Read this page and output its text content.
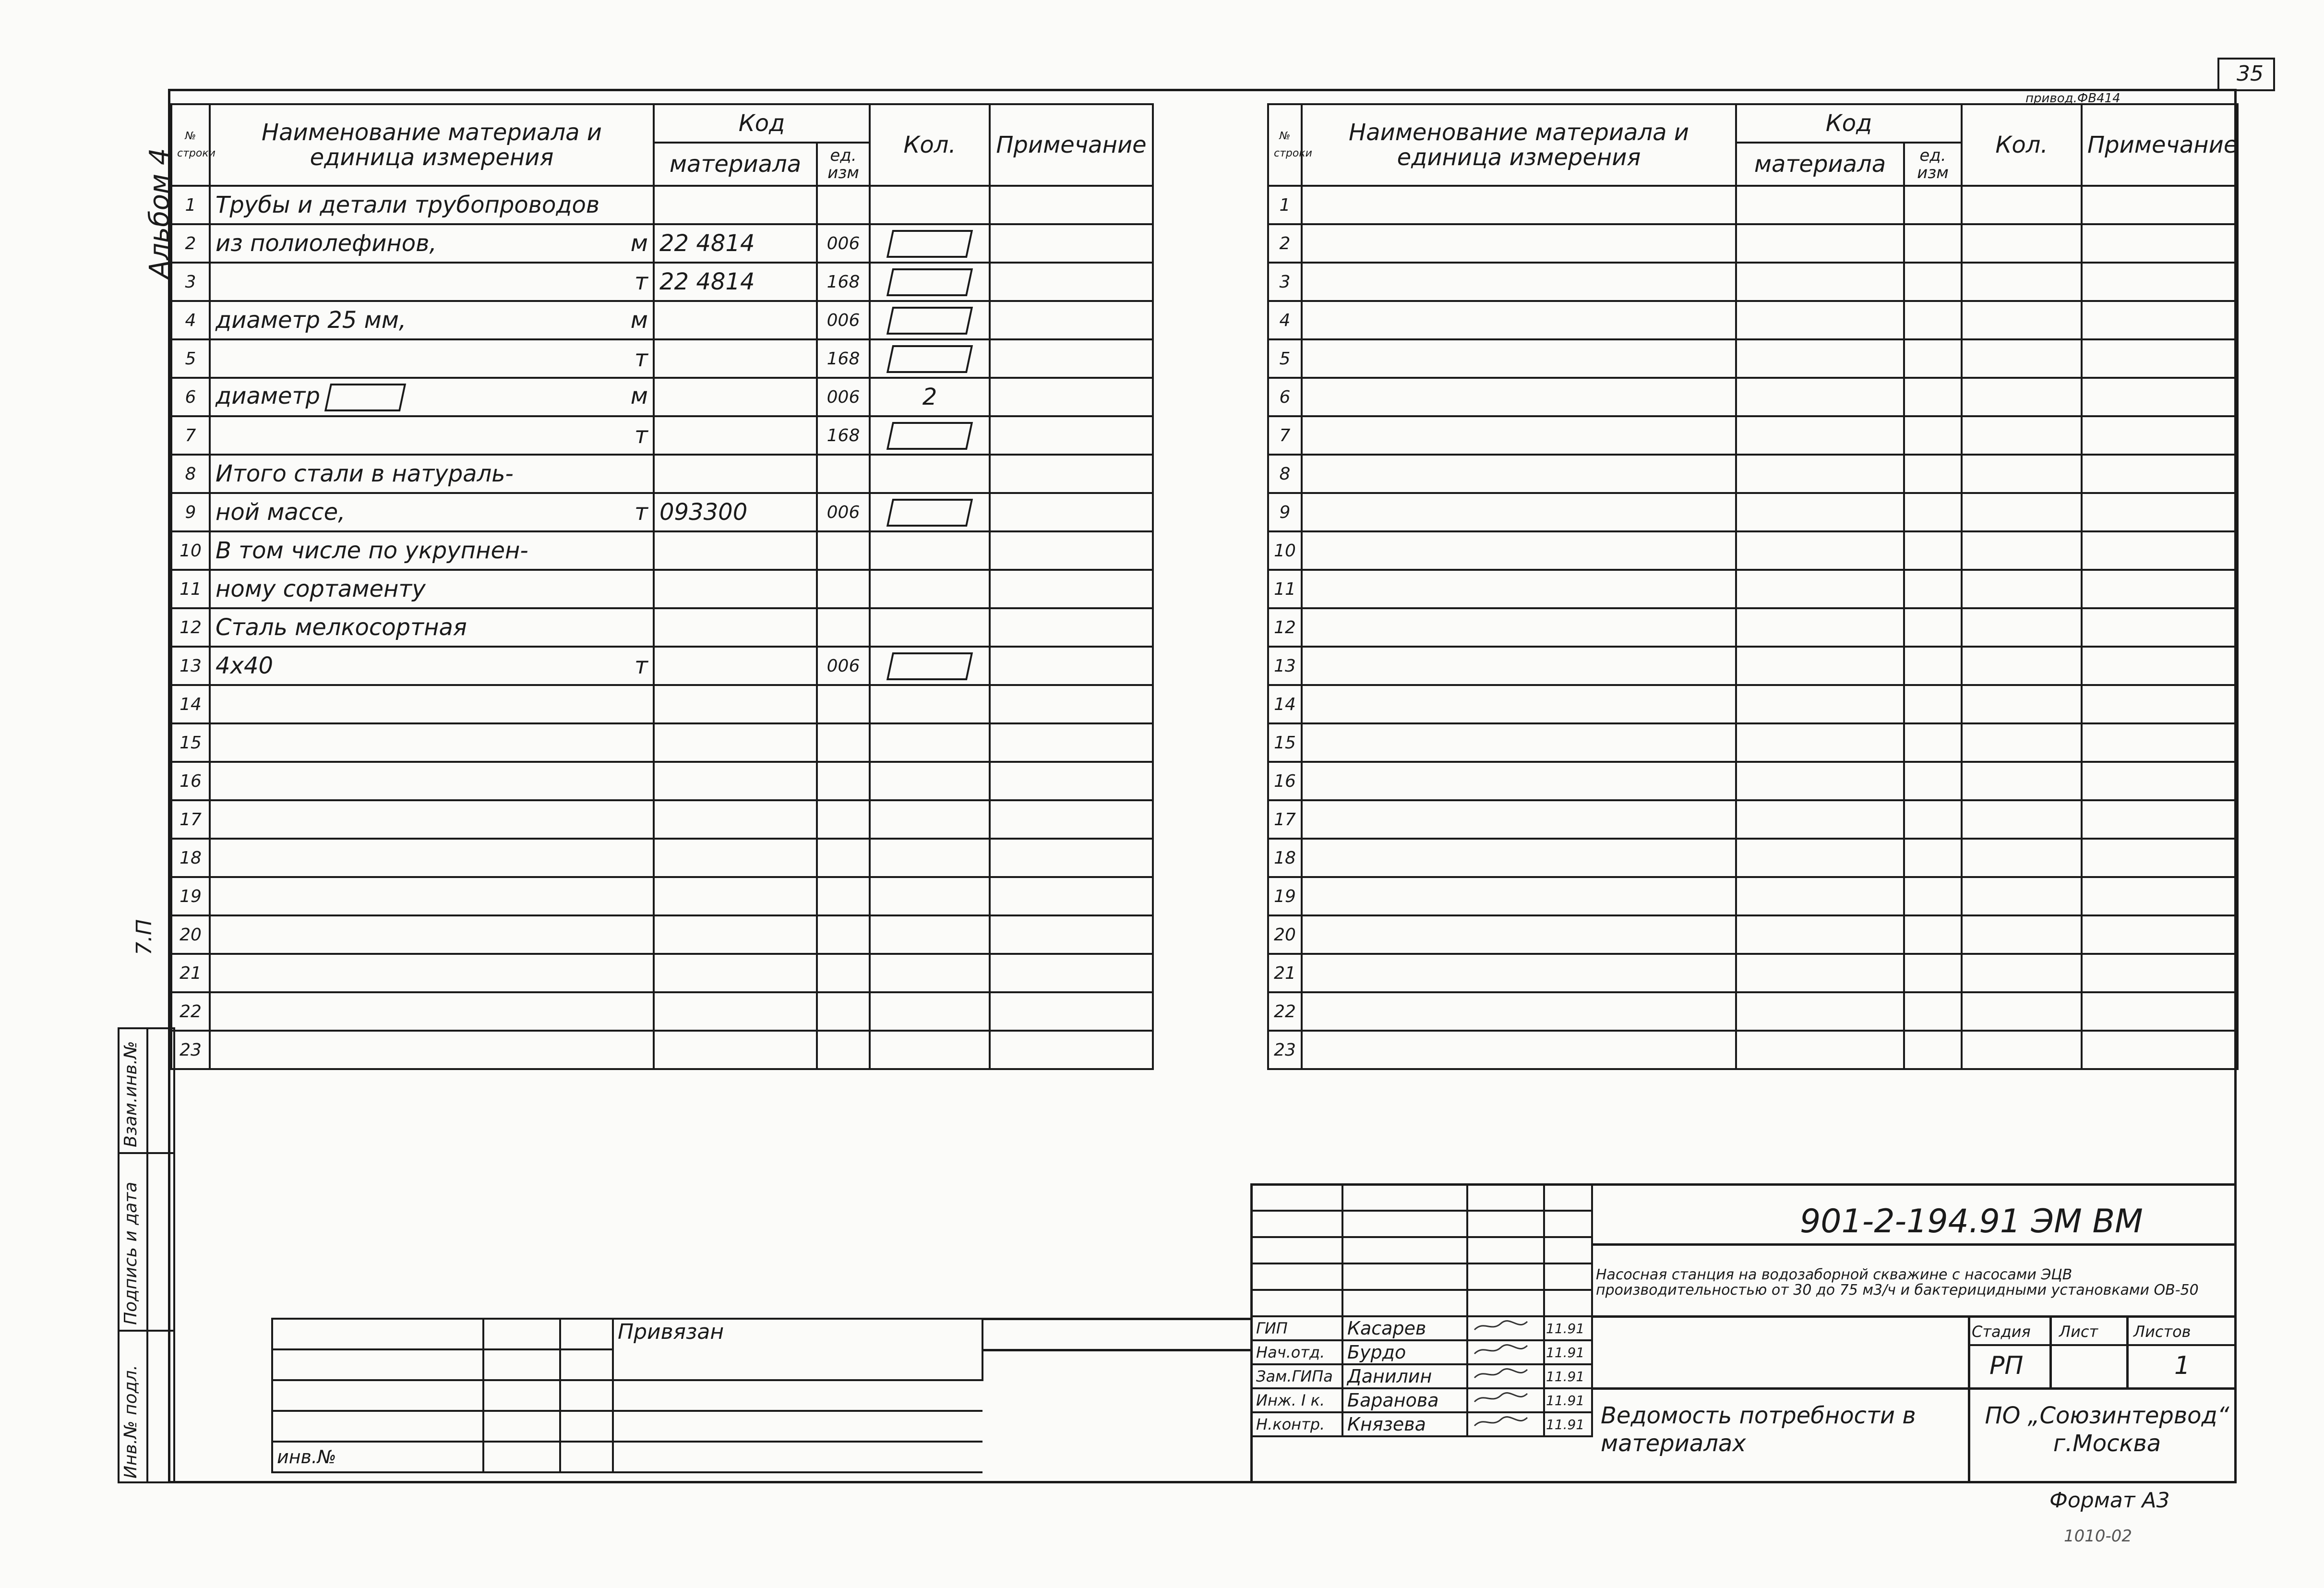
35
привод.ФВ414
Альбом 4
7.П
Взам.инв.№
Подпись и дата
Инв.№ подл.
№ строки	Наименование материала и единица измерения	Код		Кол.	Примечание
		материала	ед. изм		
1	Трубы и детали трубопроводов

2	из полиолефинов, м	22 4814	006		
3	т	22 4814	168		
4	диаметр 25 мм, м		006		
5	т		168		
6	диаметр м		006	2	
7	т		168		
8	Итого стали в натураль-

9	ной массе, т	093300	006		
10	В том числе по укрупнен-

11	ному сортаменту

12	Сталь мелкосортная

13	4х40 т		006		
14	

15	

16	

17	

18	

19	

20	

21	

22	

23	

№ строки	Наименование материала и единица измерения	Код		Кол.	Примечание
		материала	ед. изм		
1					
2					
3					
4					
5					
6					
7					
8					
9					
10					
11					
12					
13					
14					
15					
16					
17					
18					
19					
20					
21					
22					
23					
			Привязан

инв.№			

ГИП	Касарев		11.91
Нач.отд.	Бурдо		11.91
Зам.ГИПа	Данилин		11.91
Инж. I к.	Баранова		11.91
Н.контр.	Князева		11.91
901-2-194.91 ЭМ ВМ
Насосная станция на водозаборной скважине с насосами ЭЦВ производительностью от 30 до 75 м3/ч и бактерицидными установками ОВ-50
Стадия Лист Листов
РП	1
Ведомость потребности в материалах
ПО „Союзинтервод“ г.Москва
Формат А3
1010-02
